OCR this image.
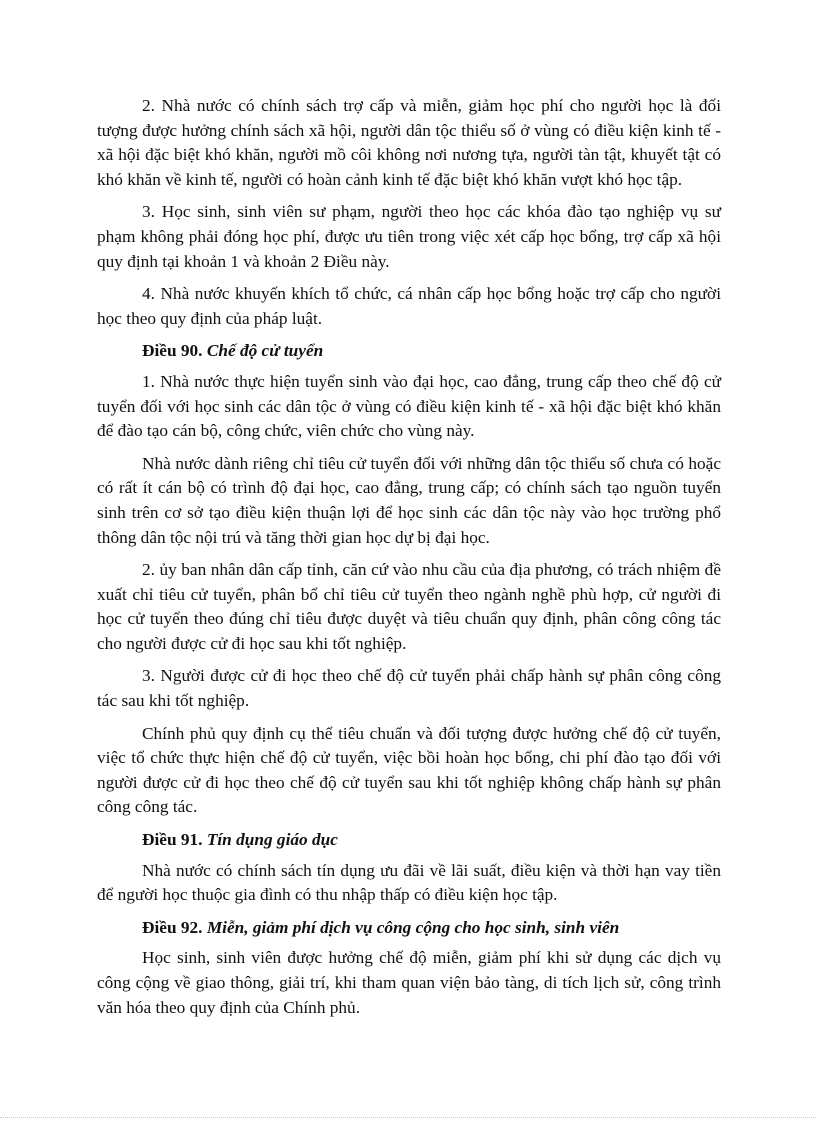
2. Nhà nước có chính sách trợ cấp và miễn, giảm học phí cho người học là đối tượng được hưởng chính sách xã hội, người dân tộc thiểu số ở vùng có điều kiện kinh tế - xã hội đặc biệt khó khăn, người mồ côi không nơi nương tựa, người tàn tật, khuyết tật có khó khăn về kinh tế, người có hoàn cảnh kinh tế đặc biệt khó khăn vượt khó học tập.

3. Học sinh, sinh viên sư phạm, người theo học các khóa đào tạo nghiệp vụ sư phạm không phải đóng học phí, được ưu tiên trong việc xét cấp học bổng, trợ cấp xã hội quy định tại khoản 1 và khoản 2 Điều này.

4. Nhà nước khuyến khích tổ chức, cá nhân cấp học bổng hoặc trợ cấp cho người học theo quy định của pháp luật.

Điều 90. Chế độ cử tuyển

1. Nhà nước thực hiện tuyển sinh vào đại học, cao đẳng, trung cấp theo chế độ cử tuyển đối với học sinh các dân tộc ở vùng có điều kiện kinh tế - xã hội đặc biệt khó khăn để đào tạo cán bộ, công chức, viên chức cho vùng này.

Nhà nước dành riêng chỉ tiêu cử tuyển đối với những dân tộc thiểu số chưa có hoặc có rất ít cán bộ có trình độ đại học, cao đẳng, trung cấp; có chính sách tạo nguồn tuyển sinh trên cơ sở tạo điều kiện thuận lợi để học sinh các dân tộc này vào học trường phổ thông dân tộc nội trú và tăng thời gian học dự bị đại học.

2. ủy ban nhân dân cấp tỉnh, căn cứ vào nhu cầu của địa phương, có trách nhiệm đề xuất chỉ tiêu cử tuyển, phân bổ chỉ tiêu cử tuyển theo ngành nghề phù hợp, cử người đi học cử tuyển theo đúng chỉ tiêu được duyệt và tiêu chuẩn quy định, phân công công tác cho người được cử đi học sau khi tốt nghiệp.

3. Người được cử đi học theo chế độ cử tuyển phải chấp hành sự phân công công tác sau khi tốt nghiệp.

Chính phủ quy định cụ thể tiêu chuẩn và đối tượng được hưởng chế độ cử tuyển, việc tổ chức thực hiện chế độ cử tuyển, việc bồi hoàn học bổng, chi phí đào tạo đối với người được cử đi học theo chế độ cử tuyển sau khi tốt nghiệp không chấp hành sự phân công công tác.

Điều 91. Tín dụng giáo dục

Nhà nước có chính sách tín dụng ưu đãi về lãi suất, điều kiện và thời hạn vay tiền để người học thuộc gia đình có thu nhập thấp có điều kiện học tập.

Điều 92. Miễn, giảm phí dịch vụ công cộng cho học sinh, sinh viên

Học sinh, sinh viên được hưởng chế độ miễn, giảm phí khi sử dụng các dịch vụ công cộng về giao thông, giải trí, khi tham quan viện bảo tàng, di tích lịch sử, công trình văn hóa theo quy định của Chính phủ.
